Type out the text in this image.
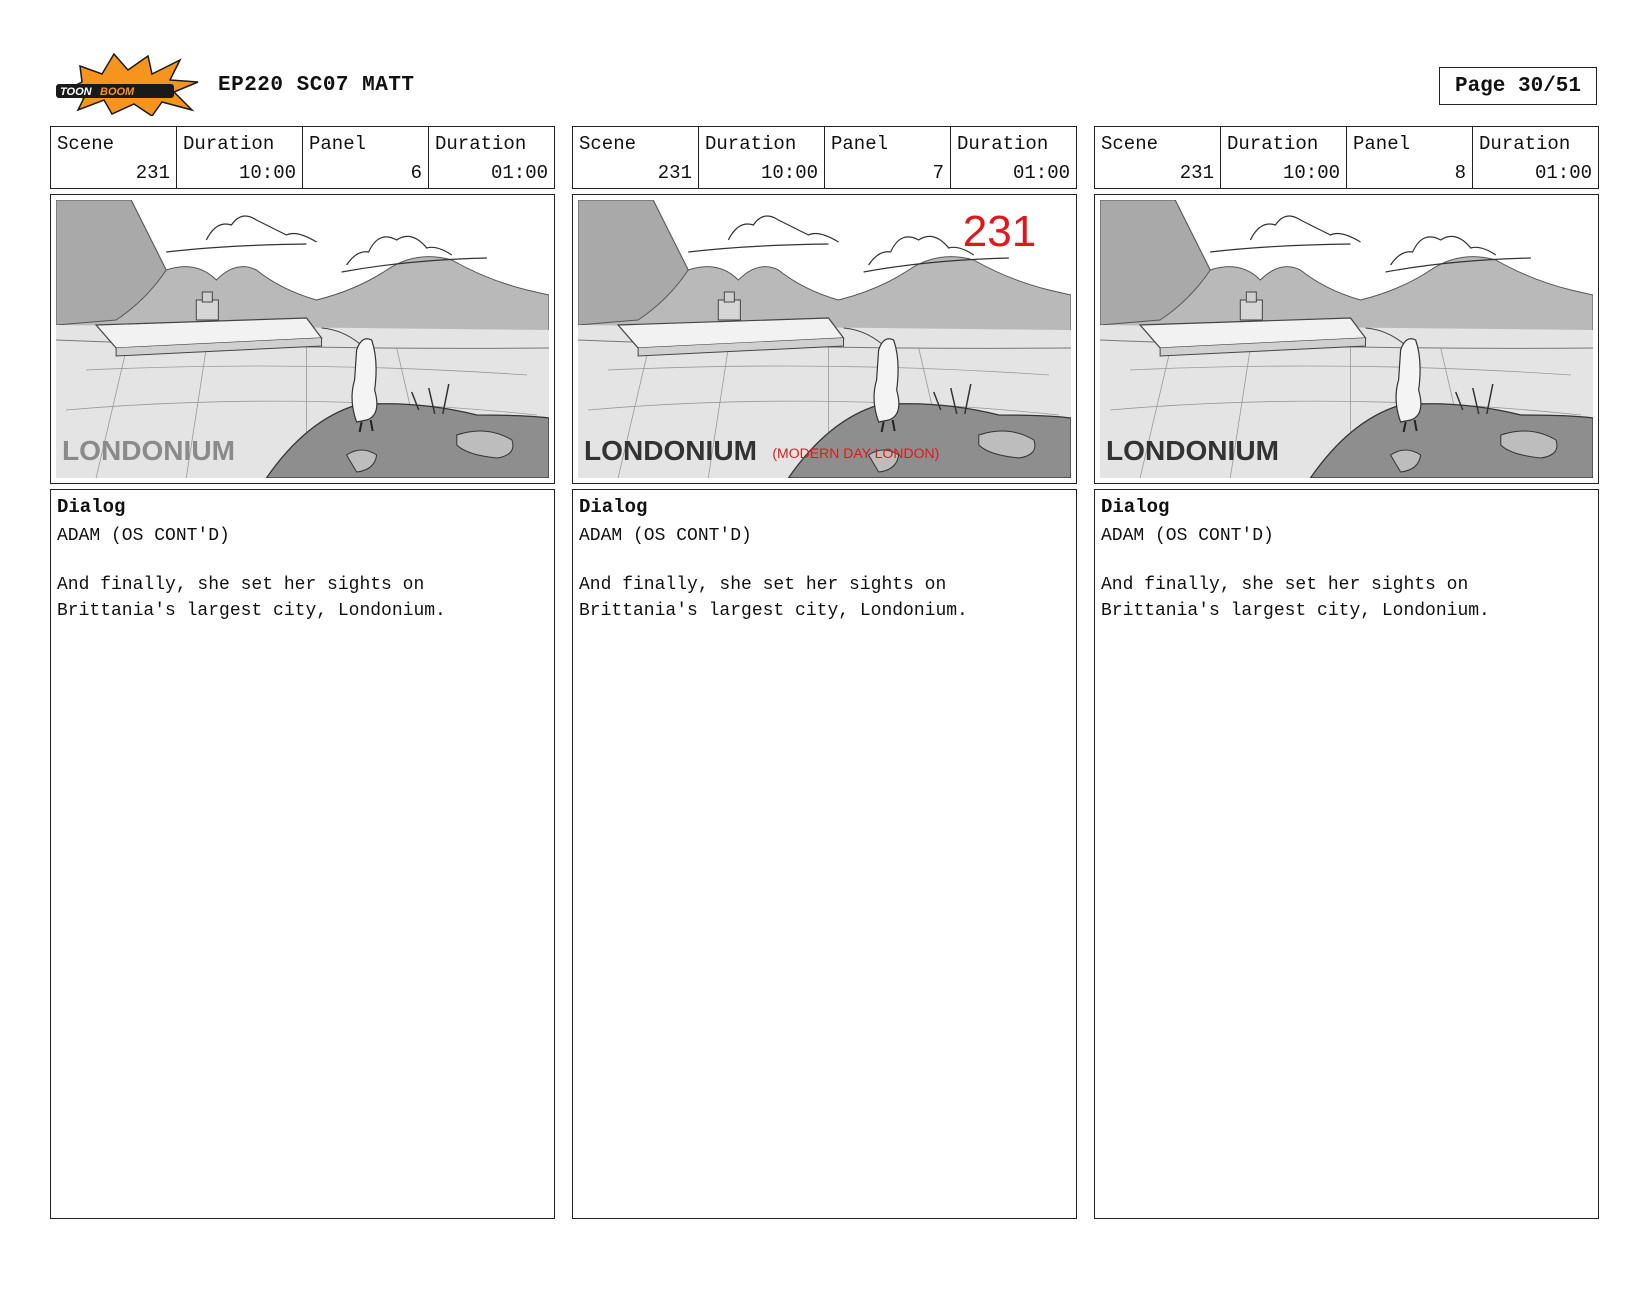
TOON BOOM	EP220 SC07 MATT	Page
30/51
Scene
231
Duration
10:00
Panel
6
Duration
01:00
LONDONIUM
Dialog
ADAM (OS CONT'D)
And finally, she set her sights on
Brittania's largest city, Londonium.
Scene
231
Duration
10:00
Panel
7
Duration
01:00
LONDONIUM (MODERN DAY LONDON)
231
Dialog
ADAM (OS CONT'D)
And finally, she set her sights on
Brittania's largest city, Londonium.
Scene
231
Duration
10:00
Panel
8
Duration
01:00
LONDONIUM
Dialog
ADAM (OS CONT'D)
And finally, she set her sights on
Brittania's largest city, Londonium.
